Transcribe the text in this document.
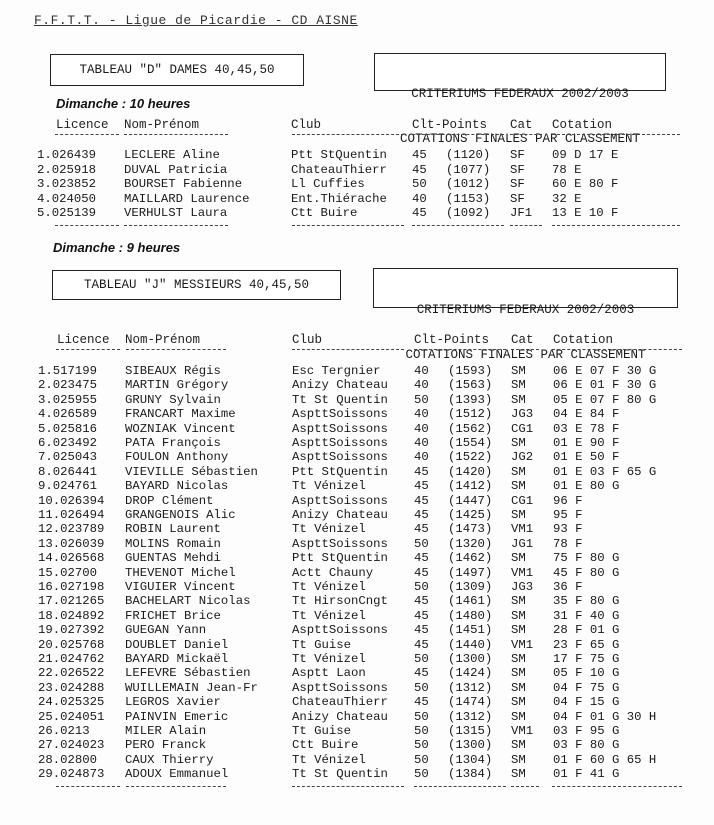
F.F.T.T. - Ligue de Picardie - CD AISNE
TABLEAU "D" DAMES 40,45,50

CRITERIUMS FEDERAUX 2002/2003

COTATIONS FINALES PAR CLASSEMENT

Dimanche : 10 heures
Licence Nom-Prénom	Club	Clt-Points Cat Cotation
1.026439 LECLERE Aline	Ptt StQuentin 45 (1120) SF 09 D 17 E
2.025918 DUVAL Patricia	ChateauThierr 45 (1077) SF 78 E
3.023852 BOURSET Fabienne	Ll Cuffies	50 (1012) SF 60 E 80 F
4.024050 MAILLARD Laurence	Ent.Thiérache 40 (1153) SF 32 E
5.025139 VERHULST Laura	Ctt Buire	45 (1092) JF1 13 E 10 F
Dimanche : 9 heures
TABLEAU "J" MESSIEURS 40,45,50

CRITERIUMS FEDERAUX 2002/2003

COTATIONS FINALES PAR CLASSEMENT

Licence Nom-Prénom	Club	Clt-Points Cat Cotation
1.517199 SIBEAUX Régis	Esc Tergnier	40 (1593) SM 06 E 07 F 30 G
2.023475 MARTIN Grégory	Anizy Chateau 40 (1563) SM 06 E 01 F 30 G
3.025955 GRUNY Sylvain	Tt St Quentin 50 (1393) SM 05 E 07 F 80 G
4.026589 FRANCART Maxime	AspttSoissons 40 (1512) JG3 04 E 84 F
5.025816 WOZNIAK Vincent	AspttSoissons 40 (1562) CG1 03 E 78 F
6.023492 PATA François	AspttSoissons 40 (1554) SM 01 E 90 F
7.025043 FOULON Anthony	AspttSoissons 40 (1522) JG2 01 E 50 F
8.026441 VIEVILLE Sébastien	Ptt StQuentin 45 (1420) SM 01 E 03 F 65 G
9.024761 BAYARD Nicolas	Tt Vénizel	45 (1412) SM 01 E 80 G
10.026394 DROP Clément	AspttSoissons 45 (1447) CG1 96 F
11.026494 GRANGENOIS Alic	Anizy Chateau 45 (1425) SM 95 F
12.023789 ROBIN Laurent	Tt Vénizel	45 (1473) VM1 93 F
13.026039 MOLINS Romain	AspttSoissons 50 (1320) JG1 78 F
14.026568 GUENTAS Mehdi	Ptt StQuentin 45 (1462) SM 75 F 80 G
15.02700 THEVENOT Michel	Actt Chauny	45 (1497) VM1 45 F 80 G
16.027198 VIGUIER Vincent	Tt Vénizel	50 (1309) JG3 36 F
17.021265 BACHELART Nicolas	Tt HirsonCngt 45 (1461) SM 35 F 80 G
18.024892 FRICHET Brice	Tt Vénizel	45 (1480) SM 31 F 40 G
19.027392 GUEGAN Yann	AspttSoissons 45 (1451) SM 28 F 01 G
20.025768 DOUBLET Daniel	Tt Guise	45 (1440) VM1 23 F 65 G
21.024762 BAYARD Mickaël	Tt Vénizel	50 (1300) SM 17 F 75 G
22.026522 LEFEVRE Sébastien	Asptt Laon	45 (1424) SM 05 F 10 G
23.024288 WUILLEMAIN Jean-Fr	AspttSoissons 50 (1312) SM 04 F 75 G
24.025325 LEGROS Xavier	ChateauThierr 45 (1474) SM 04 F 15 G
25.024051 PAINVIN Emeric	Anizy Chateau 50 (1312) SM 04 F 01 G 30 H
26.0213	MILER Alain	Tt Guise	50 (1315) VM1 03 F 95 G
27.024023 PERO Franck	Ctt Buire	50 (1300) SM 03 F 80 G
28.02800 CAUX Thierry	Tt Vénizel	50 (1304) SM 01 F 60 G 65 H
29.024873 ADOUX Emmanuel	Tt St Quentin 50 (1384) SM 01 F 41 G
